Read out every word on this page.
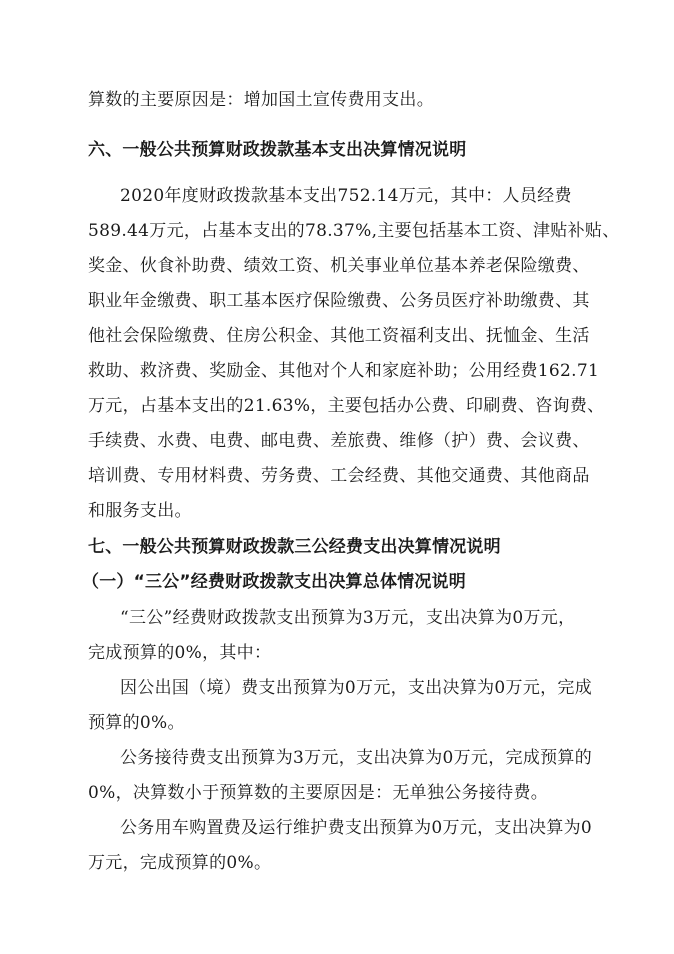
算数的主要原因是：增加国土宣传费用支出。
六、一般公共预算财政拨款基本支出决算情况说明
2020年度财政拨款基本支出752.14万元，其中：人员经费
589.44万元，占基本支出的78.37%,主要包括基本工资、津贴补贴、
奖金、伙食补助费、绩效工资、机关事业单位基本养老保险缴费、
职业年金缴费、职工基本医疗保险缴费、公务员医疗补助缴费、其
他社会保险缴费、住房公积金、其他工资福利支出、抚恤金、生活
救助、救济费、奖励金、其他对个人和家庭补助；公用经费162.71
万元，占基本支出的21.63%，主要包括办公费、印刷费、咨询费、
手续费、水费、电费、邮电费、差旅费、维修（护）费、会议费、
培训费、专用材料费、劳务费、工会经费、其他交通费、其他商品
和服务支出。
七、一般公共预算财政拨款三公经费支出决算情况说明
（一）“三公”经费财政拨款支出决算总体情况说明
“三公”经费财政拨款支出预算为3万元，支出决算为0万元，
完成预算的0%，其中：
因公出国（境）费支出预算为0万元，支出决算为0万元，完成
预算的0%。
公务接待费支出预算为3万元，支出决算为0万元，完成预算的
0%，决算数小于预算数的主要原因是：无单独公务接待费。
公务用车购置费及运行维护费支出预算为0万元，支出决算为0
万元，完成预算的0%。
